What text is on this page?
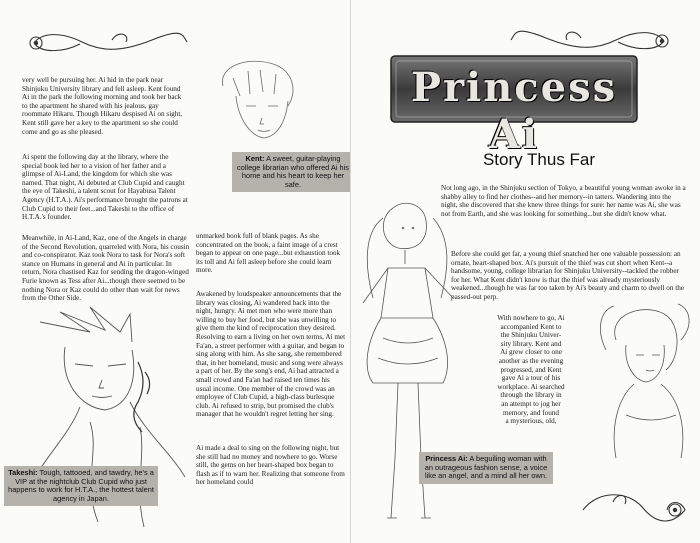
very well be pursuing her. Ai hid in the park near Shinjuku University library and fell asleep. Kent found Ai in the park the following morning and took her back to the apartment he shared with his jealous, gay roommate Hikaru. Though Hikaru despised Ai on sight, Kent still gave her a key to the apartment so she could come and go as she pleased.

Ai spent the following day at the library, where the special book led her to a vision of her father and a glimpse of Ai-Land, the kingdom for which she was named. That night, Ai debuted at Club Cupid and caught the eye of Takeshi, a talent scout for Hayabusa Talent Agency (H.T.A.). Ai's performance brought the patrons at Club Cupid to their feet...and Takeshi to the office of H.T.A.'s founder.

Meanwhile, in Ai-Land, Kaz, one of the Angels in charge of the Second Revolution, quarreled with Nora, his cousin and co-conspirator. Kaz took Nora to task for Nora's soft stance on Humans in general and Ai in particular. In return, Nora chastised Kaz for sending the dragon-winged Furie known as Tess after Ai...though there seemed to be nothing Nora or Kaz could do other than wait for news from the Other Side.

Kent: A sweet, guitar-playing college librarian who offered Ai his home and his heart to keep her safe.

unmarked book full of blank pages. As she concentrated on the book, a faint image of a crest began to appear on one page...but exhaustion took its toll and Ai fell asleep before she could learn more.

Awakened by loudspeaker announcements that the library was closing, Ai wandered back into the night, hungry. Ai met men who were more than willing to buy her food, but she was unwilling to give them the kind of reciprocation they desired. Resolving to earn a living on her own terms, Ai met Fa'an, a street performer with a guitar, and began to sing along with him. As she sang, she remembered that, in her homeland, music and song were always a part of her. By the song's end, Ai had attracted a small crowd and Fa'an had raised ten times his usual income. One member of the crowd was an employee of Club Cupid, a high-class burlesque club. Ai refused to strip, but promised the club's manager that he wouldn't regret letting her sing.

Ai made a deal to sing on the following night, but she still had no money and nowhere to go. Worse still, the gems on her heart-shaped box began to flash as if to warn her. Realizing that someone from her homeland could

Takeshi: Tough, tattooed, and tawdry, he's a VIP at the nightclub Club Cupid who just happens to work for H.T.A., the hottest talent agency in Japan.
Princess Ai
Story Thus Far

Not long ago, in the Shinjuku section of Tokyo, a beautiful young woman awoke in a shabby alley to find her clothes--and her memory--in tatters. Wandering into the night, she discovered that she knew three things for sure: her name was Ai, she was not from Earth, and she was looking for something...but she didn't know what.

Before she could get far, a young thief snatched her one valuable possession: an ornate, heart-shaped box. Ai's pursuit of the thief was cut short when Kent--a handsome, young, college librarian for Shinjuku University--tackled the robber for her. What Kent didn't know is that the thief was already mysteriously weakened...though he was far too taken by Ai's beauty and charm to dwell on the passed-out perp.

With nowhere to go, Ai
accompanied Kent to
the Shinjuku Univer-
sity library. Kent and
Ai grew closer to one
another as the evening
progressed, and Kent
gave Ai a tour of his
workplace. Ai searched
through the library in
an attempt to jog her
memory, and found
a mysterious, old,
Princess Ai: A beguiling woman with an outrageous fashion sense, a voice like an angel, and a mind all her own.
